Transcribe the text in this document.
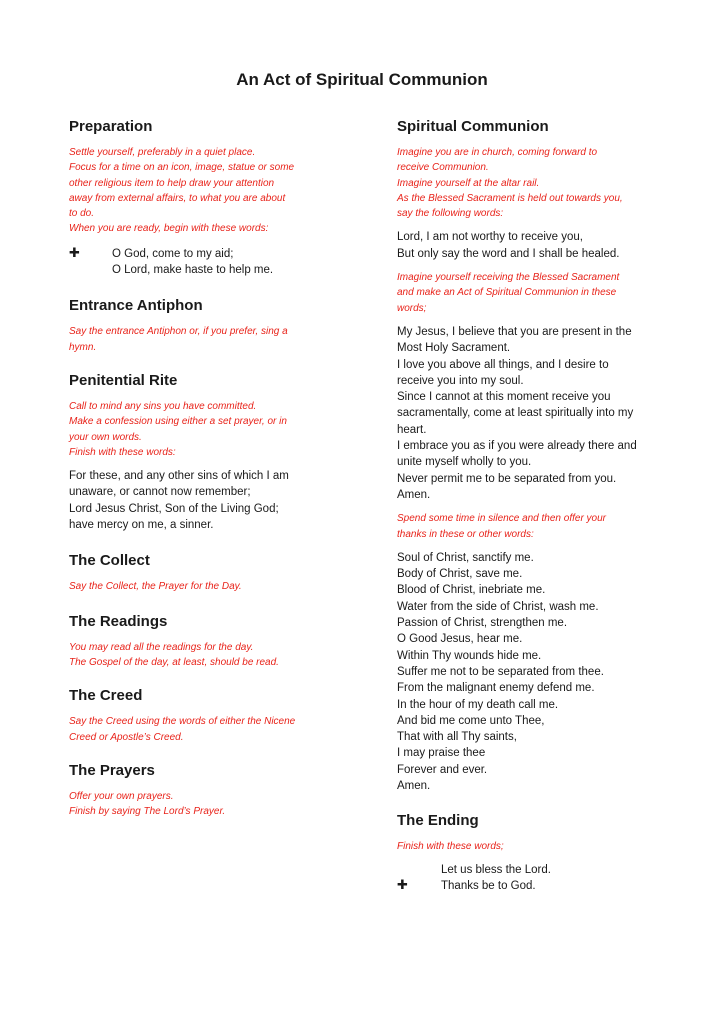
An Act of Spiritual Communion
Preparation

Settle yourself, preferably in a quiet place.
Focus for a time on an icon, image, statue or some
other religious item to help draw your attention
away from external affairs, to what you are about
to do.
When you are ready, begin with these words:

✚	O God, come to my aid;
O Lord, make haste to help me.
Entrance Antiphon

Say the entrance Antiphon or, if you prefer, sing a
hymn.

Penitential Rite

Call to mind any sins you have committed.
Make a confession using either a set prayer, or in
your own words.
Finish with these words:

For these, and any other sins of which I am
unaware, or cannot now remember;
Lord Jesus Christ, Son of the Living God;
have mercy on me, a sinner.

The Collect

Say the Collect, the Prayer for the Day.

The Readings

You may read all the readings for the day.
The Gospel of the day, at least, should be read.

The Creed

Say the Creed using the words of either the Nicene
Creed or Apostle’s Creed.

The Prayers

Offer your own prayers.
Finish by saying The Lord’s Prayer.

Spiritual Communion

Imagine you are in church, coming forward to
receive Communion.
Imagine yourself at the altar rail.
As the Blessed Sacrament is held out towards you,
say the following words:

Lord, I am not worthy to receive you,
But only say the word and I shall be healed.

Imagine yourself receiving the Blessed Sacrament
and make an Act of Spiritual Communion in these
words;

My Jesus, I believe that you are present in the
Most Holy Sacrament.
I love you above all things, and I desire to
receive you into my soul.
Since I cannot at this moment receive you
sacramentally, come at least spiritually into my
heart.
I embrace you as if you were already there and
unite myself wholly to you.
Never permit me to be separated from you.
Amen.

Spend some time in silence and then offer your
thanks in these or other words:

Soul of Christ, sanctify me.
Body of Christ, save me.
Blood of Christ, inebriate me.
Water from the side of Christ, wash me.
Passion of Christ, strengthen me.
O Good Jesus, hear me.
Within Thy wounds hide me.
Suffer me not to be separated from thee.
From the malignant enemy defend me.
In the hour of my death call me.
And bid me come unto Thee,
That with all Thy saints,
I may praise thee
Forever and ever.
Amen.

The Ending

Finish with these words;

✚
Let us bless the Lord.
Thanks be to God.
